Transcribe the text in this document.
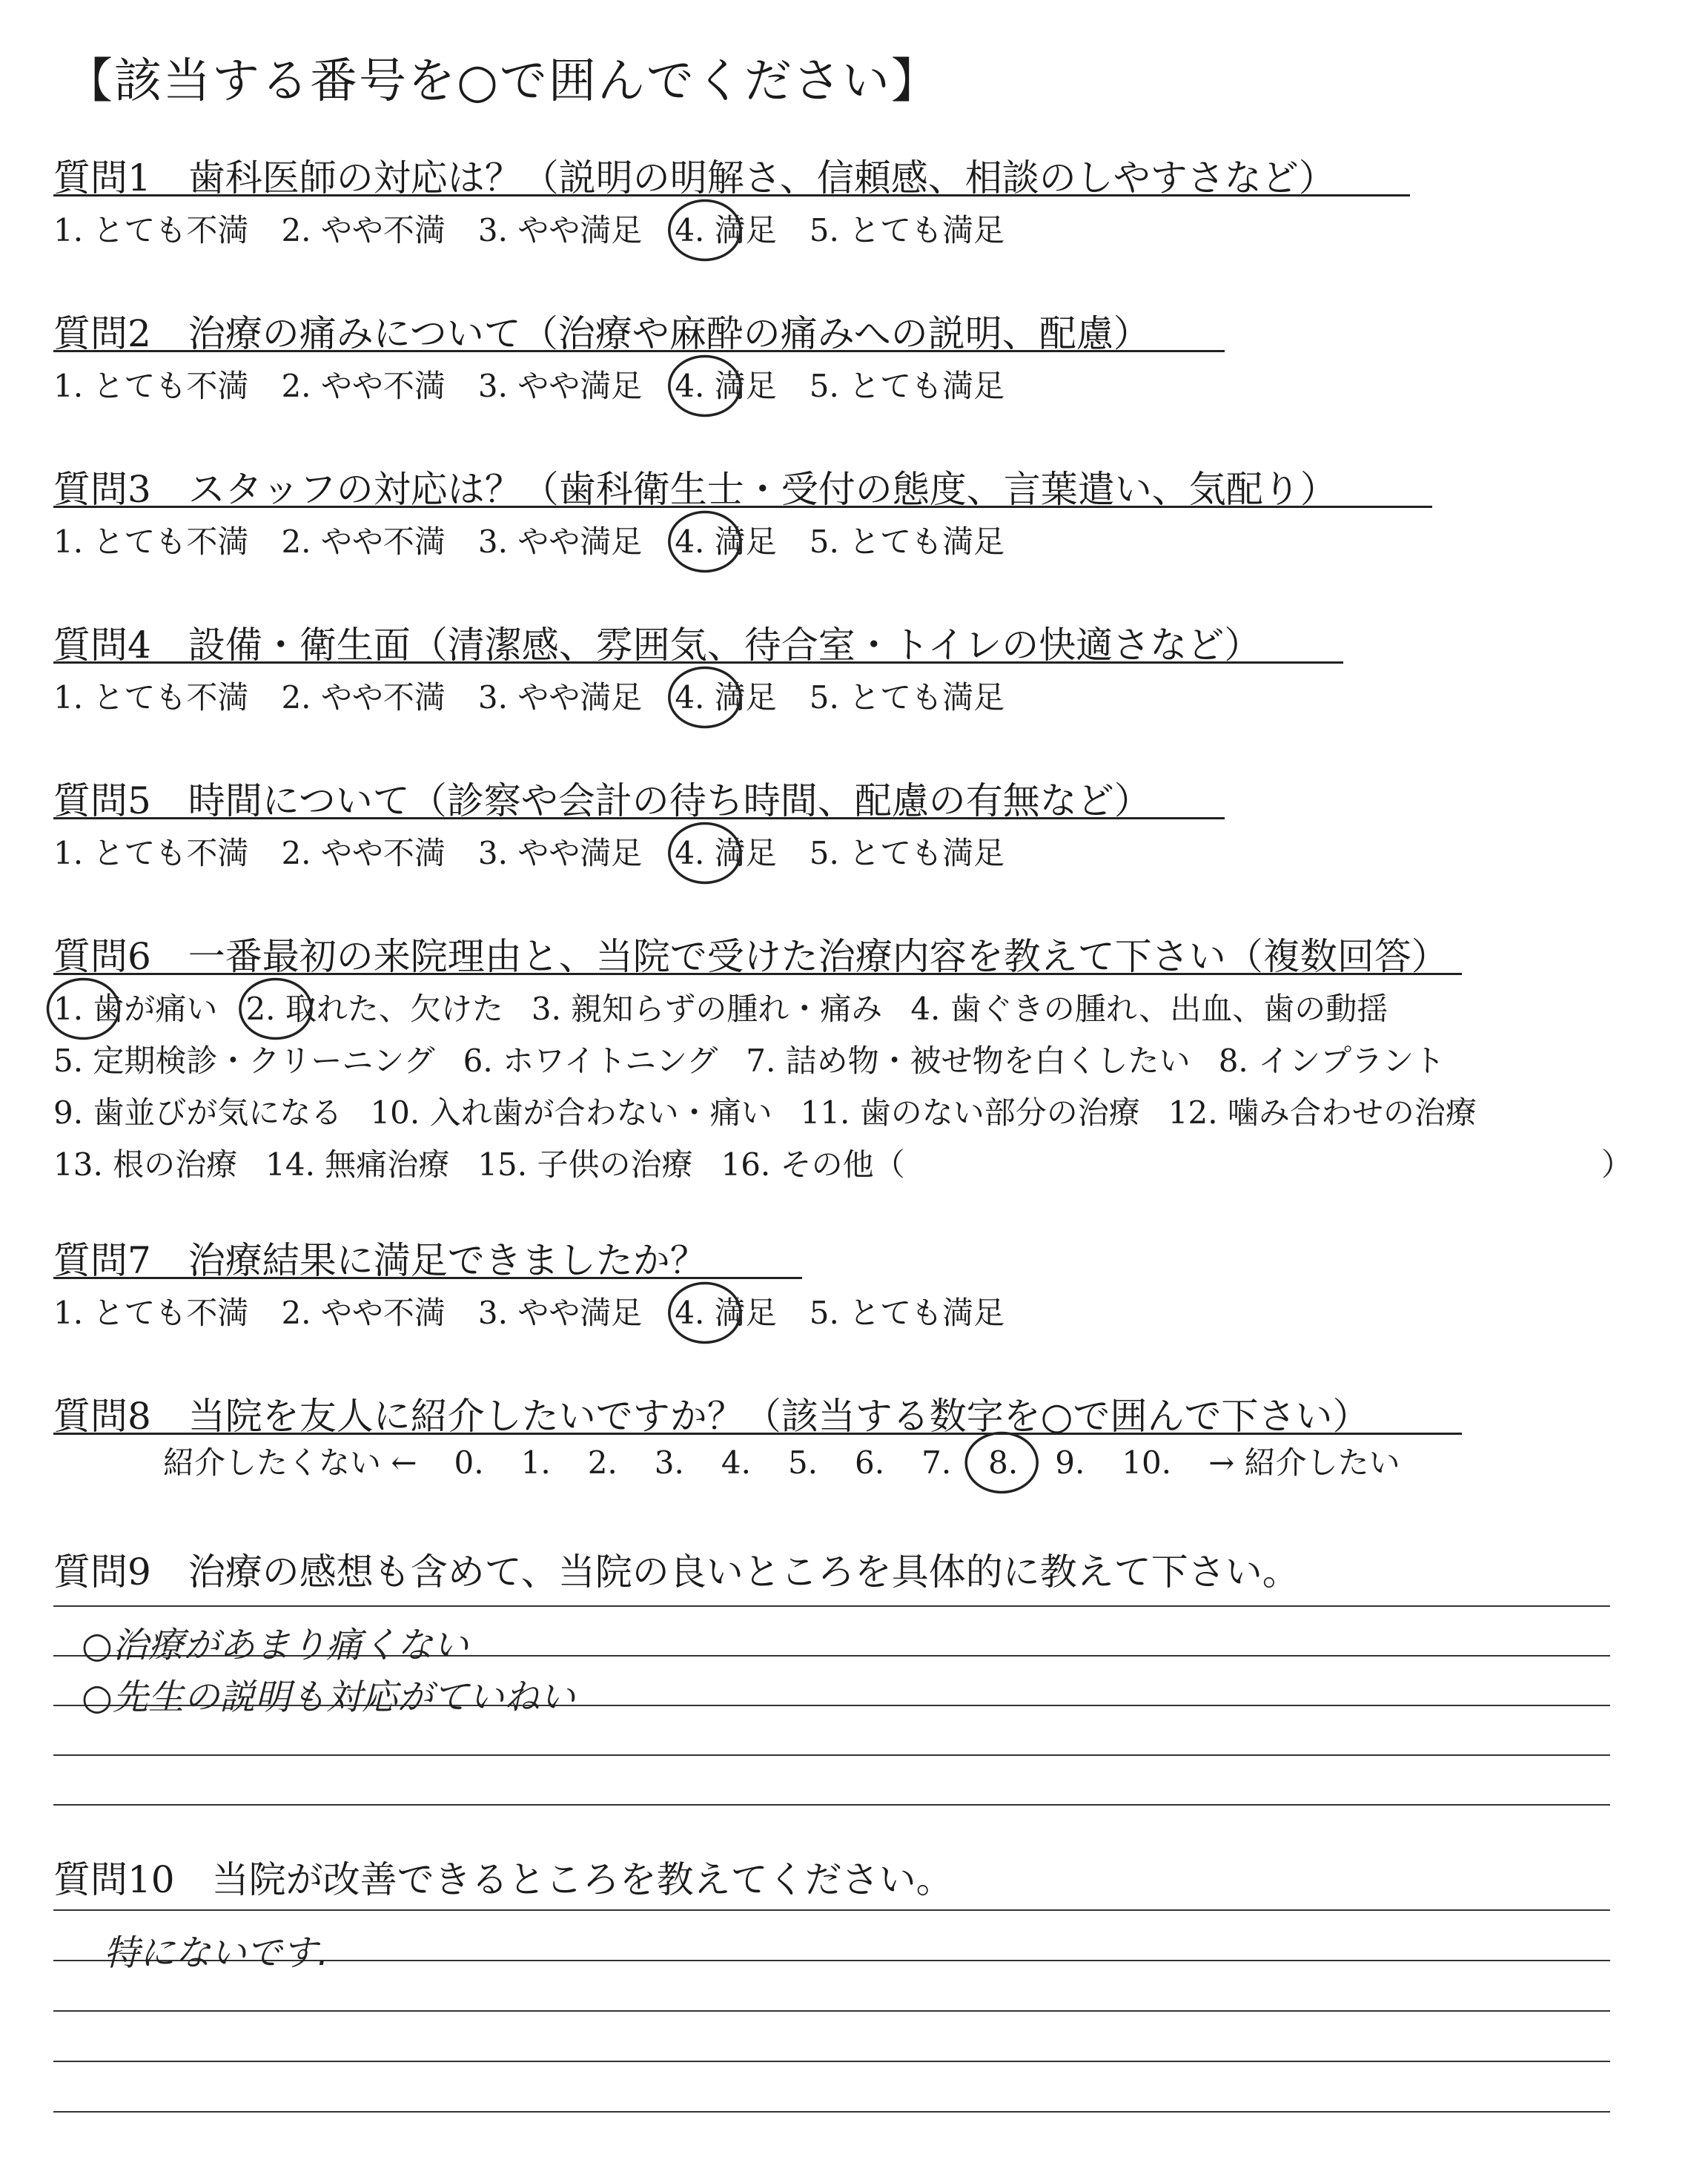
【該当する番号を○で囲んでください】
質問1　歯科医師の対応は？（説明の明解さ、信頼感、相談のしやすさなど）
1. とても不満 2. やや不満 3. やや満足 4. 満足 5. とても満足
質問2　治療の痛みについて（治療や麻酔の痛みへの説明、配慮）
1. とても不満 2. やや不満 3. やや満足 4. 満足 5. とても満足
質問3　スタッフの対応は？（歯科衛生士・受付の態度、言葉遣い、気配り）
1. とても不満 2. やや不満 3. やや満足 4. 満足 5. とても満足
質問4　設備・衛生面（清潔感、雰囲気、待合室・トイレの快適さなど）
1. とても不満 2. やや不満 3. やや満足 4. 満足 5. とても満足
質問5　時間について（診察や会計の待ち時間、配慮の有無など）
1. とても不満 2. やや不満 3. やや満足 4. 満足 5. とても満足
質問6　一番最初の来院理由と、当院で受けた治療内容を教えて下さい（複数回答）
1. 歯が痛い 2. 取れた、欠けた 3. 親知らずの腫れ・痛み 4. 歯ぐきの腫れ、出血、歯の動揺
5. 定期検診・クリーニング 6. ホワイトニング 7. 詰め物・被せ物を白くしたい 8. インプラント
9. 歯並びが気になる 10. 入れ歯が合わない・痛い 11. 歯のない部分の治療 12. 噛み合わせの治療
13. 根の治療 14. 無痛治療 15. 子供の治療 16. その他（	）
質問7　治療結果に満足できましたか？
1. とても不満 2. やや不満 3. やや満足 4. 満足 5. とても満足
質問8　当院を友人に紹介したいですか？（該当する数字を○で囲んで下さい）
紹介したくない ← 0. 1. 2. 3. 4. 5. 6. 7. 8. 9. 10. → 紹介したい
質問9　治療の感想も含めて、当院の良いところを具体的に教えて下さい。
○治療があまり痛くない
○先生の説明も対応がていねい
質問10　当院が改善できるところを教えてください。
特にないです.
